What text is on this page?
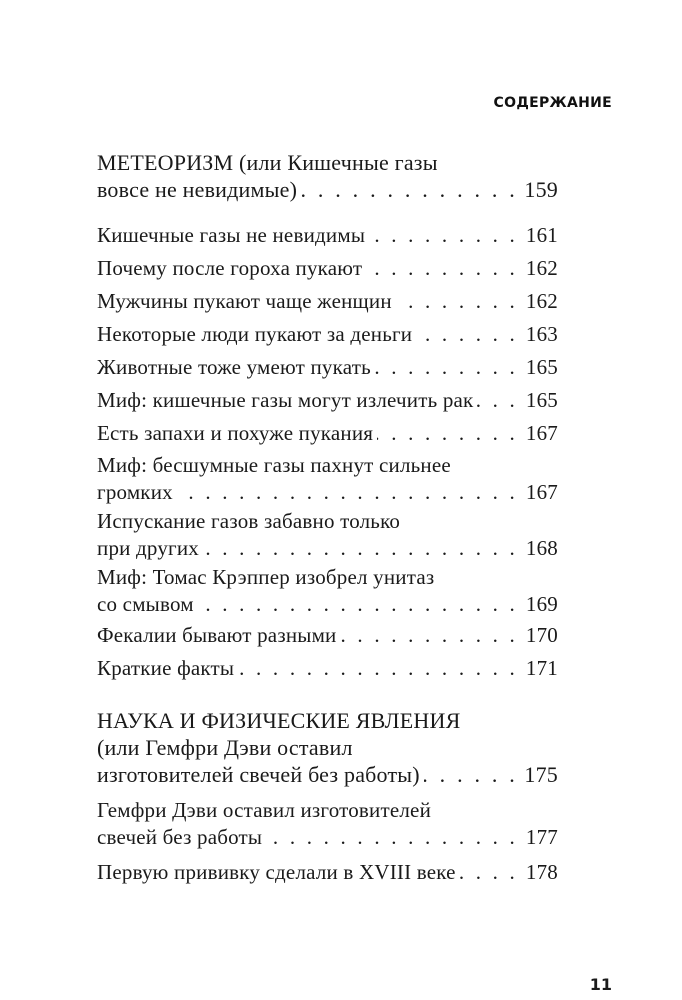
СОДЕРЖАНИЕ
МЕТЕОРИЗМ (или Кишечные газы
вовсе не невидимые) . . .	159
Кишечные газы не невидимы . . .	161
Почему после гороха пукают . . .	162
Мужчины пукают чаще женщин . . .	162
Некоторые люди пукают за деньги . . .	163
Животные тоже умеют пукать . . .	165
Миф: кишечные газы могут излечить рак . . . 165
Есть запахи и похуже пукания . . .	167
Миф: бесшумные газы пахнут сильнее
громких . . .	167
Испускание газов забавно только
при других . . .	168
Миф: Томас Крэппер изобрел унитаз
со смывом . . .	169
Фекалии бывают разными . . .	170
Краткие факты . . .	171
НАУКА И ФИЗИЧЕСКИЕ ЯВЛЕНИЯ
(или Гемфри Дэви оставил
изготовителей свечей без работы) . . .	175
Гемфри Дэви оставил изготовителей
свечей без работы . . .	177
Первую прививку сделали в XVIII веке . . .	178
11
